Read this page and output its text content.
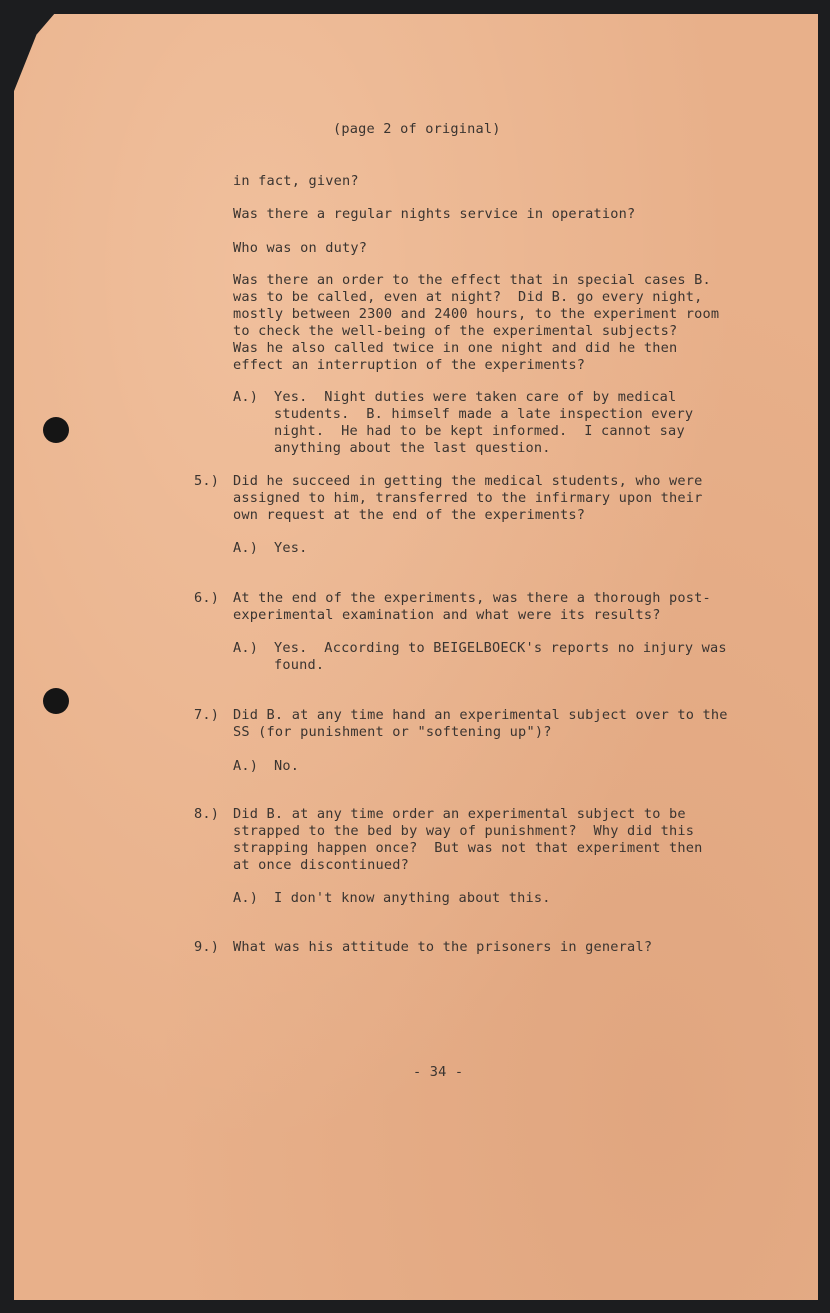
(page 2 of original)
in fact, given?
Was there a regular nights service in operation?
Who was on duty?
Was there an order to the effect that in special cases B.
was to be called, even at night?  Did B. go every night,
mostly between 2300 and 2400 hours, to the experiment room
to check the well-being of the experimental subjects?
Was he also called twice in one night and did he then
effect an interruption of the experiments?
A.) Yes.  Night duties were taken care of by medical
students.  B. himself made a late inspection every
night.  He had to be kept informed.  I cannot say
anything about the last question.
5.) Did he succeed in getting the medical students, who were
assigned to him, transferred to the infirmary upon their
own request at the end of the experiments?
A.) Yes.
6.) At the end of the experiments, was there a thorough post-
experimental examination and what were its results?
A.) Yes.  According to BEIGELBOECK's reports no injury was
found.
7.) Did B. at any time hand an experimental subject over to the
SS (for punishment or "softening up")?
A.) No.
8.) Did B. at any time order an experimental subject to be
strapped to the bed by way of punishment?  Why did this
strapping happen once?  But was not that experiment then
at once discontinued?
A.) I don't know anything about this.
9.) What was his attitude to the prisoners in general?
- 34 -
